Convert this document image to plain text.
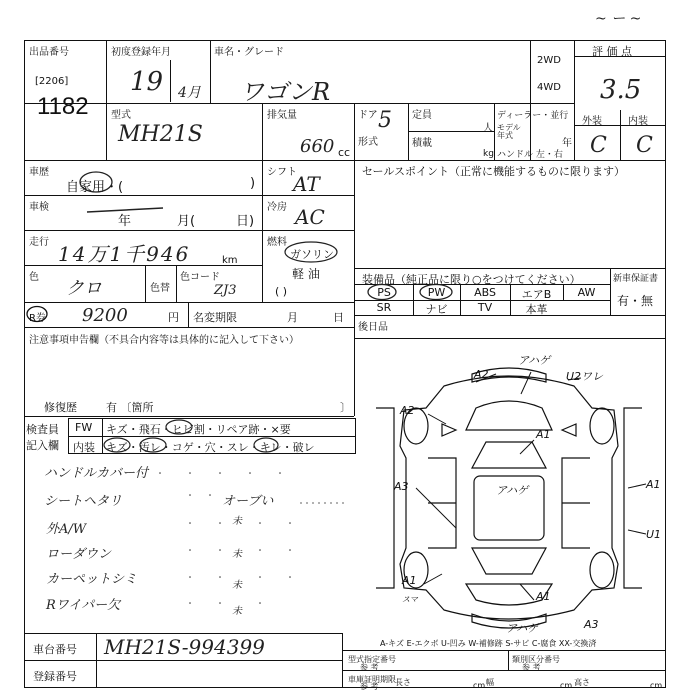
~ ー ~
出品番号
[2206]
1182
初度登録年月
19 4月
車名・グレード
ワゴンR
2WD
4WD
評 価 点
3.5
外装	内装
C C
型式
MH21S
排気量
660 cc
ドア 5
形式
定員
人
積載
kg
ディーラー・並行
モデル 年式
年
ハンドル 左・右
車歴
自家用・(	)
車検
年	月(	日)
走行 14万1千946	km
色
クロ	色替
色コード
ZJ3
R券 9200	円 名変期限	月	日
シフト
AT
冷房 AC
燃料
ガソリン
軽 油
( )
セールスポイント（正常に機能するものに限ります）
新車保証書
有・無
装備品（純正品に限り○をつけてください）
PS	PW	ABS	エアB	AW
SR	ナビ	TV	本革
後日品
注意事項申告欄（不具合内容等は具体的に記入して下さい）
修復歴	有 〔箇所	〕
検査員
記入欄
FW キズ・飛石・ヒビ割・リペア跡・×要
内装 キズ・汚レ・コゲ・穴・スレ・キレ・破レ
ハンドルカバー付
シートヘタリ
外A/W
ローダウン
カーペットシミ
Rワイパー欠
オーブい
未
未
未
未
A2
アハゲ
U2ワレ
A2
A1
A3	アハゲ	A1
U1
A1
A1
アハゲ	A3
スマ
A-キズ E-エクボ U-凹み W-補修跡 S-サビ C-腐食 XX-交換済
車台番号 MH21S-994399
登録番号
型式指定番号
参 考
類別区分番号
参 考
車庫証明期限
参 考 長さ	cm 幅	cm 高さ	cm
